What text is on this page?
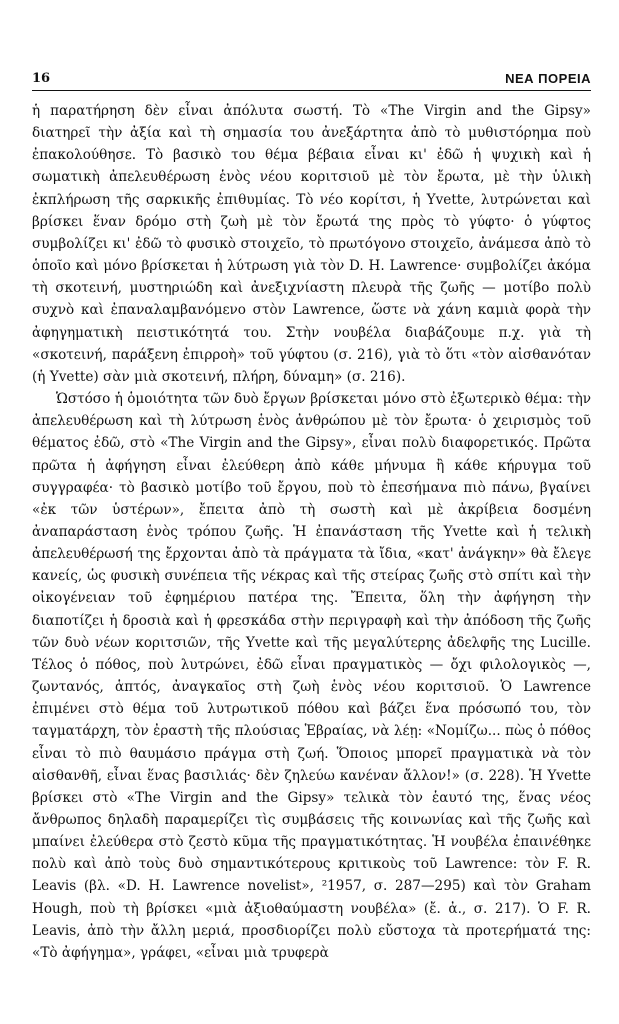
16	ΝΕΑ ΠΟΡΕΙΑ

ἡ παρατήρηση δὲν εἶναι ἀπόλυτα σωστή. Τὸ «The Virgin and the Gipsy» διατηρεῖ τὴν ἀξία καὶ τὴ σημασία του ἀνεξάρτητα ἀπὸ τὸ μυθιστόρημα ποὺ ἐπακολούθησε. Τὸ βασικὸ του θέμα βέβαια εἶναι κι' ἐδῶ ἡ ψυχικὴ καὶ ἡ σωματικὴ ἀπελευθέρωση ἑνὸς νέου κοριτσιοῦ μὲ τὸν ἔρωτα, μὲ τὴν ὑλικὴ ἐκπλήρωση τῆς σαρκικῆς ἐπιθυμίας. Τὸ νέο κορίτσι, ἡ Yvette, λυτρώνεται καὶ βρίσκει ἕναν δρόμο στὴ ζωὴ μὲ τὸν ἔρωτά της πρὸς τὸ γύφτο· ὁ γύφτος συμβολίζει κι' ἐδῶ τὸ φυσικὸ στοιχεῖο, τὸ πρωτόγονο στοιχεῖο, ἀνάμεσα ἀπὸ τὸ ὁποῖο καὶ μόνο βρίσκεται ἡ λύτρωση γιὰ τὸν D. H. Lawrence· συμβολίζει ἀκόμα τὴ σκοτεινή, μυστηριώδη καὶ ἀνεξιχνίαστη πλευρὰ τῆς ζωῆς — μοτίβο πολὺ συχνὸ καὶ ἐπαναλαμβανόμενο στὸν Lawrence, ὥστε νὰ χάνη καμιὰ φορὰ τὴν ἀφηγηματικὴ πειστικότητά του. Στὴν νουβέλα διαβάζουμε π.χ. γιὰ τὴ «σκοτεινή, παράξενη ἐπιρροὴ» τοῦ γύφτου (σ. 216), γιὰ τὸ ὅτι «τὸν αἰσθανόταν (ἡ Yvette) σὰν μιὰ σκοτεινή, πλήρη, δύναμη» (σ. 216).

Ὡστόσο ἡ ὁμοιότητα τῶν δυὸ ἔργων βρίσκεται μόνο στὸ ἐξωτερικὸ θέμα: τὴν ἀπελευθέρωση καὶ τὴ λύτρωση ἑνὸς ἀνθρώπου μὲ τὸν ἔρωτα· ὁ χειρισμὸς τοῦ θέματος ἐδῶ, στὸ «The Virgin and the Gipsy», εἶναι πολὺ διαφορετικός. Πρῶτα πρῶτα ἡ ἀφήγηση εἶναι ἐλεύθερη ἀπὸ κάθε μήνυμα ἢ κάθε κήρυγμα τοῦ συγγραφέα· τὸ βασικὸ μοτίβο τοῦ ἔργου, ποὺ τὸ ἐπεσήμανα πιὸ πάνω, βγαίνει «ἐκ τῶν ὑστέρων», ἔπειτα ἀπὸ τὴ σωστὴ καὶ μὲ ἀκρίβεια δοσμένη ἀναπαράσταση ἑνὸς τρόπου ζωῆς. Ἡ ἐπανάσταση τῆς Yvette καὶ ἡ τελικὴ ἀπελευθέρωσή της ἔρχονται ἀπὸ τὰ πράγματα τὰ ἴδια, «κατ' ἀνάγκην» θὰ ἔλεγε κανείς, ὡς φυσικὴ συνέπεια τῆς νέκρας καὶ τῆς στείρας ζωῆς στὸ σπίτι καὶ τὴν οἰκογένειαν τοῦ ἐφημέριου πατέρα της. Ἔπειτα, ὅλη τὴν ἀφήγηση τὴν διαποτίζει ἡ δροσιὰ καὶ ἡ φρεσκάδα στὴν περιγραφὴ καὶ τὴν ἀπόδοση τῆς ζωῆς τῶν δυὸ νέων κοριτσιῶν, τῆς Yvette καὶ τῆς μεγαλύτερης ἀδελφῆς της Lucille. Τέλος ὁ πόθος, ποὺ λυτρώνει, ἐδῶ εἶναι πραγματικὸς — ὄχι φιλολογικὸς —, ζωντανός, ἁπτός, ἀναγκαῖος στὴ ζωὴ ἑνὸς νέου κοριτσιοῦ. Ὁ Lawrence ἐπιμένει στὸ θέμα τοῦ λυτρωτικοῦ πόθου καὶ βάζει ἕνα πρόσωπό του, τὸν ταγματάρχη, τὸν ἐραστὴ τῆς πλούσιας Ἑβραίας, νὰ λέῃ: «Νομίζω... πὼς ὁ πόθος εἶναι τὸ πιὸ θαυμάσιο πράγμα στὴ ζωή. Ὅποιος μπορεῖ πραγματικὰ νὰ τὸν αἰσθανθῆ, εἶναι ἕνας βασιλιάς· δὲν ζηλεύω κανέναν ἄλλον!» (σ. 228). Ἡ Yvette βρίσκει στὸ «The Virgin and the Gipsy» τελικὰ τὸν ἑαυτό της, ἕνας νέος ἄνθρωπος δηλαδὴ παραμερίζει τὶς συμβάσεις τῆς κοινωνίας καὶ τῆς ζωῆς καὶ μπαίνει ἐλεύθερα στὸ ζεστὸ κῦμα τῆς πραγματικότητας. Ἡ νουβέλα ἐπαινέθηκε πολὺ καὶ ἀπὸ τοὺς δυὸ σημαντικότερους κριτικοὺς τοῦ Lawrence: τὸν F. R. Leavis (βλ. «D. H. Lawrence novelist», ²1957, σ. 287—295) καὶ τὸν Graham Hough, ποὺ τὴ βρίσκει «μιὰ ἀξιοθαύμαστη νουβέλα» (ἔ. ἀ., σ. 217). Ὁ F. R. Leavis, ἀπὸ τὴν ἄλλη μεριά, προσδιορίζει πολὺ εὔστοχα τὰ προτερήματά της: «Τὸ ἀφήγημα», γράφει, «εἶναι μιὰ τρυφερὰ
